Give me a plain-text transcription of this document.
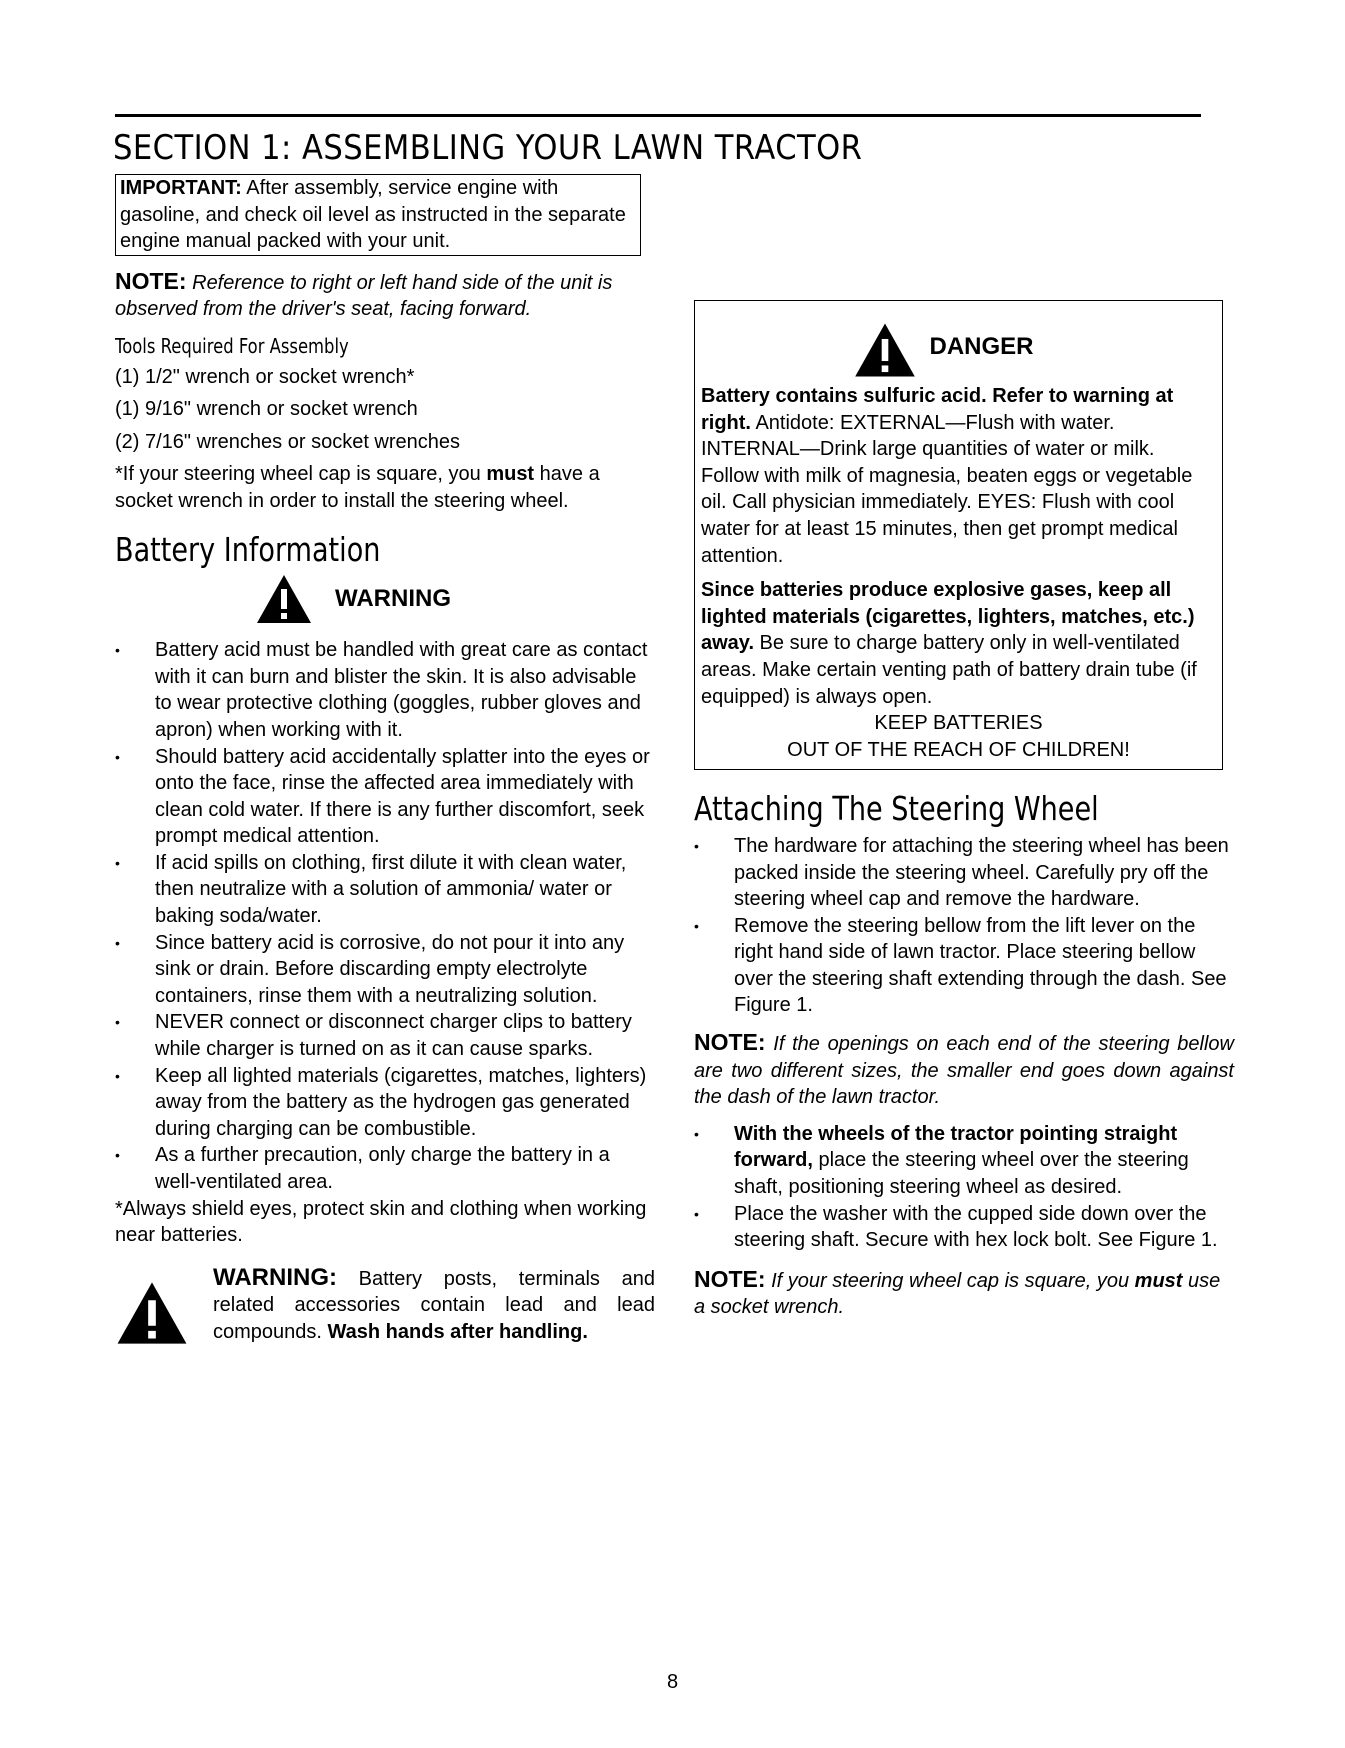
SECTION 1: ASSEMBLING YOUR LAWN TRACTOR
IMPORTANT: After assembly, service engine with gasoline, and check oil level as instructed in the separate engine manual packed with your unit.

NOTE: Reference to right or left hand side of the unit is observed from the driver's seat, facing forward.

Tools Required For Assembly
(1) 1/2" wrench or socket wrench*
(1) 9/16" wrench or socket wrench
(2) 7/16" wrenches or socket wrenches
*If your steering wheel cap is square, you must have a socket wrench in order to install the steering wheel.
Battery Information
WARNING
• Battery acid must be handled with great care as contact with it can burn and blister the skin. It is also advisable to wear protective clothing (goggles, rubber gloves and apron) when working with it.
• Should battery acid accidentally splatter into the eyes or onto the face, rinse the affected area immediately with clean cold water. If there is any further discomfort, seek prompt medical attention.
• If acid spills on clothing, first dilute it with clean water, then neutralize with a solution of ammonia/ water or baking soda/water.
• Since battery acid is corrosive, do not pour it into any sink or drain. Before discarding empty electrolyte containers, rinse them with a neutralizing solution.
• NEVER connect or disconnect charger clips to battery while charger is turned on as it can cause sparks.
• Keep all lighted materials (cigarettes, matches, lighters) away from the battery as the hydrogen gas generated during charging can be combustible.
• As a further precaution, only charge the battery in a well-ventilated area.
*Always shield eyes, protect skin and clothing when working near batteries.
WARNING: Battery posts, terminals and related accessories contain lead and lead compounds. Wash hands after handling.
DANGER
Battery contains sulfuric acid. Refer to warning at right. Antidote: EXTERNAL—Flush with water. INTERNAL—Drink large quantities of water or milk. Follow with milk of magnesia, beaten eggs or vegetable oil. Call physician immediately. EYES: Flush with cool water for at least 15 minutes, then get prompt medical attention.
Since batteries produce explosive gases, keep all lighted materials (cigarettes, lighters, matches, etc.) away. Be sure to charge battery only in well-ventilated areas. Make certain venting path of battery drain tube (if equipped) is always open.
KEEP BATTERIES
OUT OF THE REACH OF CHILDREN!
Attaching The Steering Wheel
• The hardware for attaching the steering wheel has been packed inside the steering wheel. Carefully pry off the steering wheel cap and remove the hardware.
• Remove the steering bellow from the lift lever on the right hand side of lawn tractor. Place steering bellow over the steering shaft extending through the dash. See Figure 1.

NOTE: If the openings on each end of the steering bellow are two different sizes, the smaller end goes down against the dash of the lawn tractor.

• With the wheels of the tractor pointing straight forward, place the steering wheel over the steering shaft, positioning steering wheel as desired.
• Place the washer with the cupped side down over the steering shaft. Secure with hex lock bolt. See Figure 1.

NOTE: If your steering wheel cap is square, you must use a socket wrench.

8
